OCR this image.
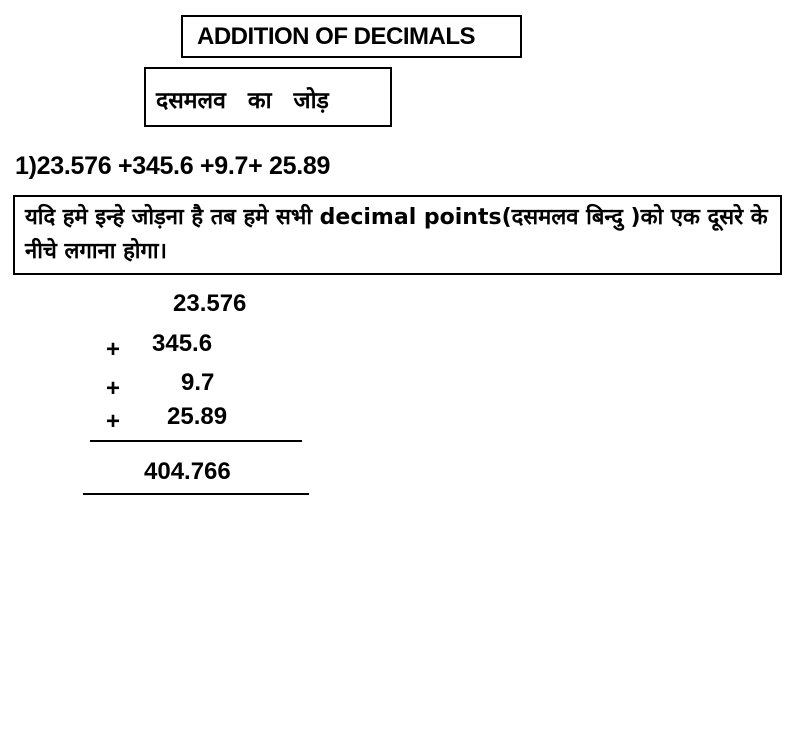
ADDITION OF DECIMALS
दसमलव का जोड़
1)23.576 +345.6 +9.7+ 25.89

यदि हमे इन्हे जोड़ना है तब हमे सभी decimal points(दसमलव बिन्दु )को एक दूसरे के नीचे लगाना होगा।

23.576
+ 345.6
+	9.7
+ 25.89
404.766
